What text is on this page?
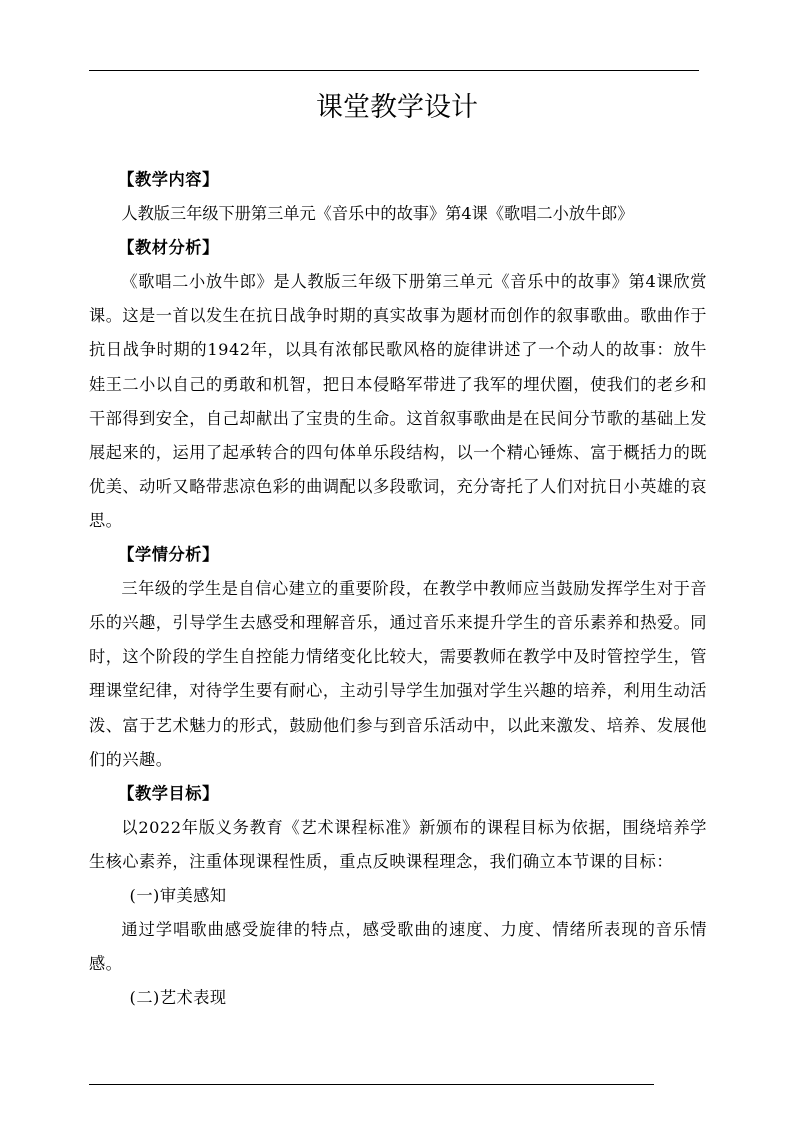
课堂教学设计

【教学内容】

人教版三年级下册第三单元《音乐中的故事》第4课《歌唱二小放牛郎》

【教材分析】

《歌唱二小放牛郎》是人教版三年级下册第三单元《音乐中的故事》第4课欣赏课。这是一首以发生在抗日战争时期的真实故事为题材而创作的叙事歌曲。歌曲作于抗日战争时期的1942年，以具有浓郁民歌风格的旋律讲述了一个动人的故事：放牛娃王二小以自己的勇敢和机智，把日本侵略军带进了我军的埋伏圈，使我们的老乡和干部得到安全，自己却献出了宝贵的生命。这首叙事歌曲是在民间分节歌的基础上发展起来的，运用了起承转合的四句体单乐段结构，以一个精心锤炼、富于概括力的既优美、动听又略带悲凉色彩的曲调配以多段歌词，充分寄托了人们对抗日小英雄的哀思。

【学情分析】

三年级的学生是自信心建立的重要阶段，在教学中教师应当鼓励发挥学生对于音乐的兴趣，引导学生去感受和理解音乐，通过音乐来提升学生的音乐素养和热爱。同时，这个阶段的学生自控能力情绪变化比较大，需要教师在教学中及时管控学生，管理课堂纪律，对待学生要有耐心，主动引导学生加强对学生兴趣的培养，利用生动活泼、富于艺术魅力的形式，鼓励他们参与到音乐活动中，以此来激发、培养、发展他们的兴趣。

【教学目标】

以2022年版义务教育《艺术课程标准》新颁布的课程目标为依据，围绕培养学生核心素养，注重体现课程性质，重点反映课程理念，我们确立本节课的目标：

(一)审美感知

通过学唱歌曲感受旋律的特点，感受歌曲的速度、力度、情绪所表现的音乐情感。

(二)艺术表现
